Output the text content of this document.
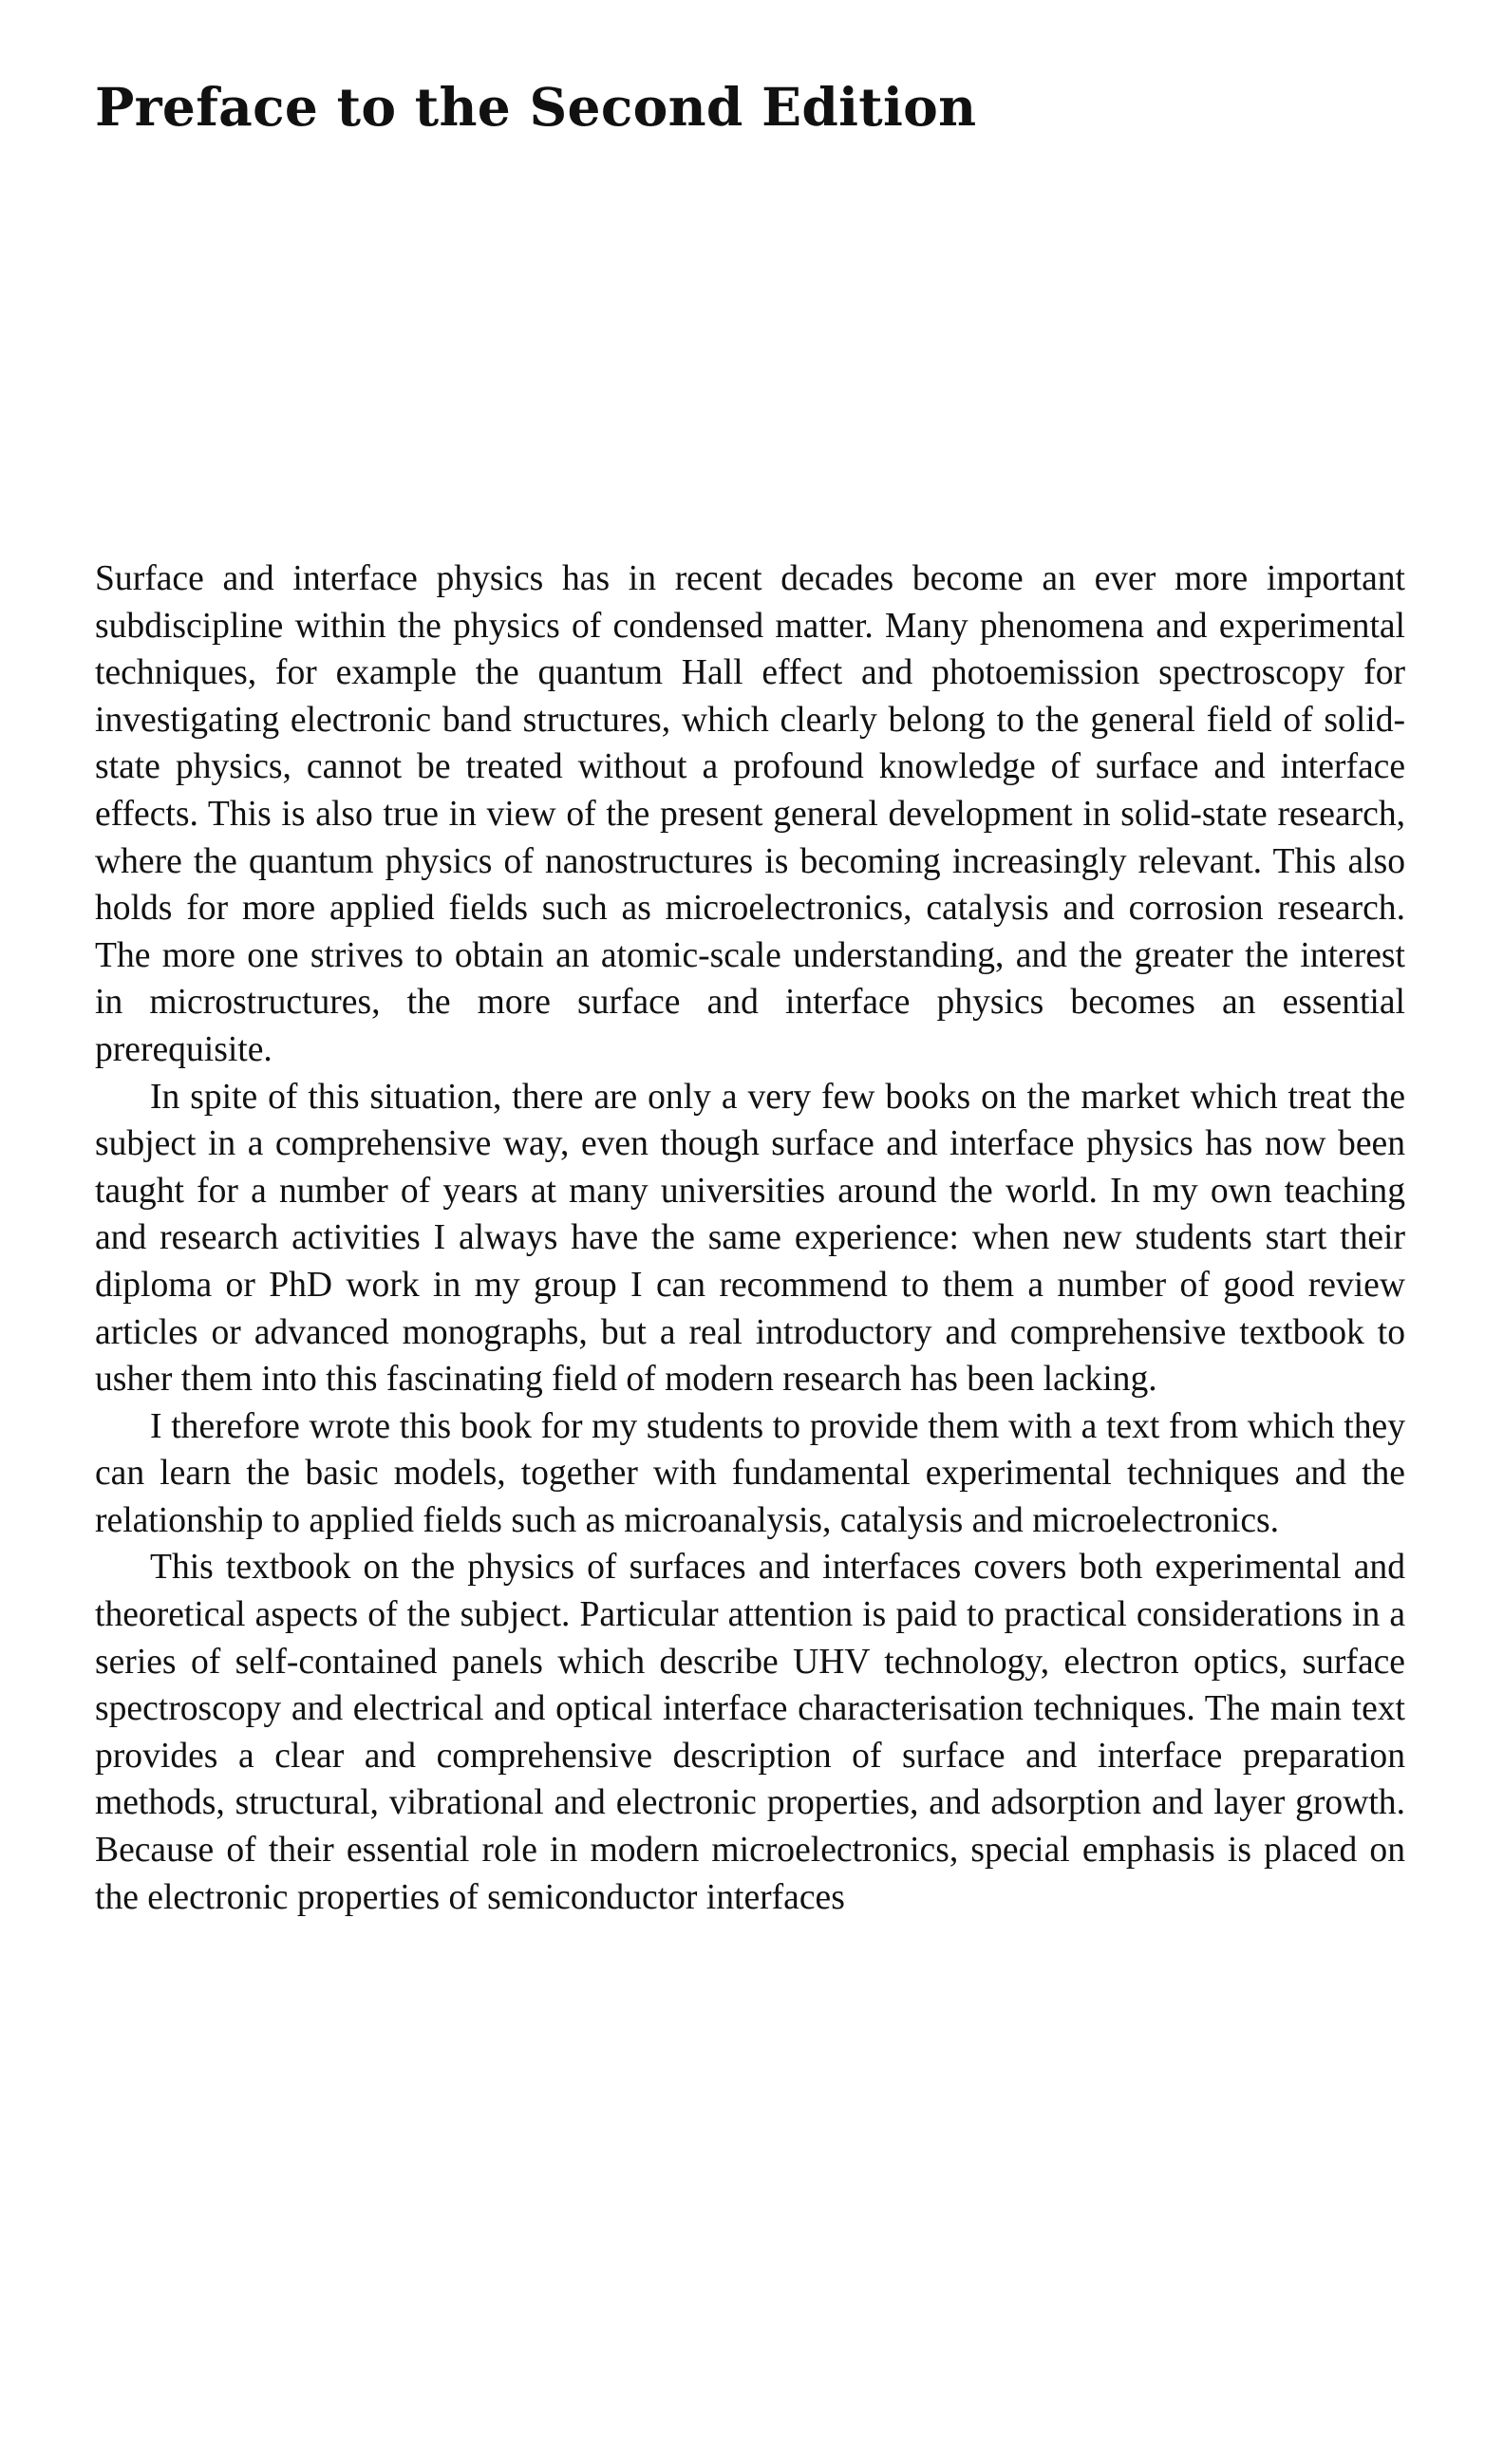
Preface to the Second Edition

Surface and interface physics has in recent decades become an ever more important subdiscipline within the physics of condensed matter. Many phenomena and experimental techniques, for example the quantum Hall effect and photoemission spectroscopy for investigating electronic band structures, which clearly belong to the general field of solid-state physics, cannot be treated without a profound knowledge of surface and interface effects. This is also true in view of the present general development in solid-state research, where the quantum physics of nanostructures is becoming increasingly relevant. This also holds for more applied fields such as microelectronics, catalysis and corrosion research. The more one strives to obtain an atomic-scale understanding, and the greater the interest in microstructures, the more surface and interface physics becomes an essential prerequisite.

In spite of this situation, there are only a very few books on the market which treat the subject in a comprehensive way, even though surface and interface physics has now been taught for a number of years at many universities around the world. In my own teaching and research activities I always have the same experience: when new students start their diploma or PhD work in my group I can recommend to them a number of good review articles or advanced monographs, but a real introductory and comprehensive textbook to usher them into this fascinating field of modern research has been lacking.

I therefore wrote this book for my students to provide them with a text from which they can learn the basic models, together with fundamental experimental techniques and the relationship to applied fields such as microanalysis, catalysis and microelectronics.

This textbook on the physics of surfaces and interfaces covers both experimental and theoretical aspects of the subject. Particular attention is paid to practical considerations in a series of self-contained panels which describe UHV technology, electron optics, surface spectroscopy and electrical and optical interface characterisation techniques. The main text provides a clear and comprehensive description of surface and interface preparation methods, structural, vibrational and electronic properties, and adsorption and layer growth. Because of their essential role in modern microelectronics, special emphasis is placed on the electronic properties of semiconductor interfaces
